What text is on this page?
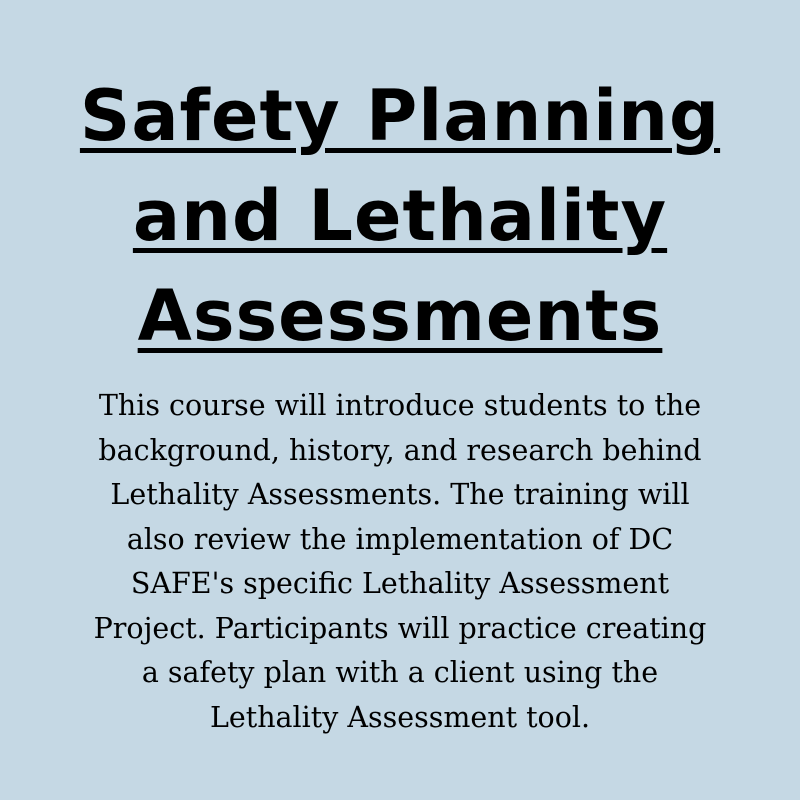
Safety Planning
and Lethality
Assessments

This course will introduce students to the
background, history, and research behind
Lethality Assessments. The training will
also review the implementation of DC
SAFE's specific Lethality Assessment
Project. Participants will practice creating
a safety plan with a client using the
Lethality Assessment tool.
